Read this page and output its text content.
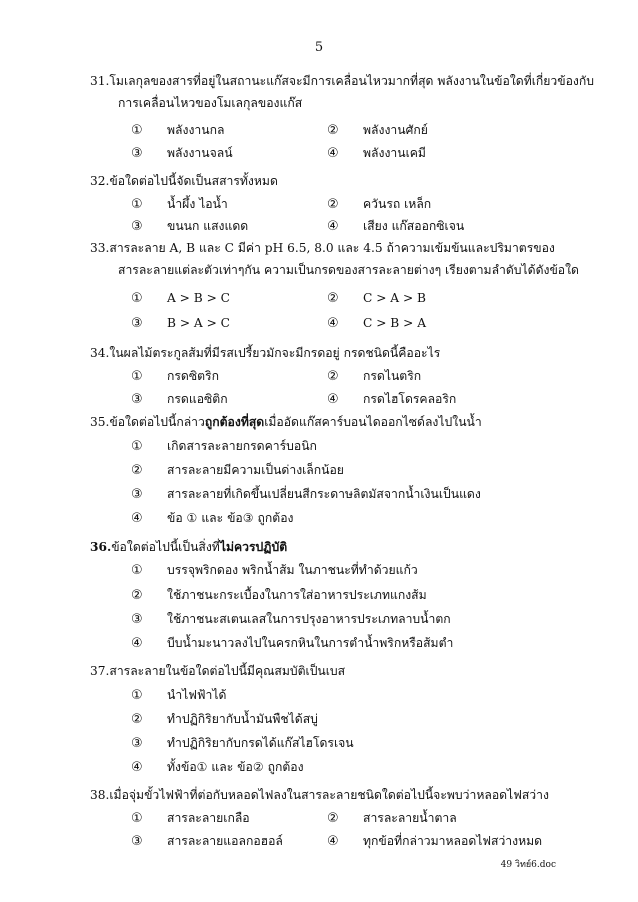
5
31.โมเลกุลของสารที่อยู่ในสถานะแก๊สจะมีการเคลื่อนไหวมากที่สุด พลังงานในข้อใดที่เกี่ยวข้องกับ
การเคลื่อนไหวของโมเลกุลของแก๊ส
① พลังงานกล	② พลังงานศักย์
③ พลังงานจลน์	④ พลังงานเคมี
32.ข้อใดต่อไปนี้จัดเป็นสสารทั้งหมด
① น้ำผึ้ง ไอน้ำ	② ควันรถ เหล็ก
③ ขนนก แสงแดด	④ เสียง แก๊สออกซิเจน
33.สารละลาย A, B และ C มีค่า pH 6.5, 8.0 และ 4.5 ถ้าความเข้มข้นและปริมาตรของ
สารละลายแต่ละตัวเท่าๆกัน ความเป็นกรดของสารละลายต่างๆ เรียงตามลำดับได้ดังข้อใด
① A > B > C	② C > A > B
③ B > A > C	④ C > B > A
34.ในผลไม้ตระกูลส้มที่มีรสเปรี้ยวมักจะมีกรดอยู่ กรดชนิดนี้คืออะไร
① กรดซิตริก	② กรดไนตริก
③ กรดแอซิติก	④ กรดไฮโดรคลอริก
35.ข้อใดต่อไปนี้กล่าวถูกต้องที่สุดเมื่ออัดแก๊สคาร์บอนไดออกไซด์ลงไปในน้ำ
① เกิดสารละลายกรดคาร์บอนิก
② สารละลายมีความเป็นด่างเล็กน้อย
③ สารละลายที่เกิดขึ้นเปลี่ยนสีกระดาษลิตมัสจากน้ำเงินเป็นแดง
④ ข้อ ① และ ข้อ③ ถูกต้อง
36.ข้อใดต่อไปนี้เป็นสิ่งที่ไม่ควรปฏิบัติ
① บรรจุพริกดอง พริกน้ำส้ม ในภาชนะที่ทำด้วยแก้ว
② ใช้ภาชนะกระเบื้องในการใส่อาหารประเภทแกงส้ม
③ ใช้ภาชนะสเตนเลสในการปรุงอาหารประเภทลาบน้ำตก
④ บีบน้ำมะนาวลงไปในครกหินในการตำน้ำพริกหรือส้มตำ
37.สารละลายในข้อใดต่อไปนี้มีคุณสมบัติเป็นเบส
① นำไฟฟ้าได้
② ทำปฏิกิริยากับน้ำมันพืชได้สบู่
③ ทำปฏิกิริยากับกรดได้แก๊สไฮโดรเจน
④ ทั้งข้อ① และ ข้อ② ถูกต้อง
38.เมื่อจุ่มขั้วไฟฟ้าที่ต่อกับหลอดไฟลงในสารละลายชนิดใดต่อไปนี้จะพบว่าหลอดไฟสว่าง
① สารละลายเกลือ	② สารละลายน้ำตาล
③ สารละลายแอลกอฮอล์	④ ทุกข้อที่กล่าวมาหลอดไฟสว่างหมด
49 วิทย์6.doc
